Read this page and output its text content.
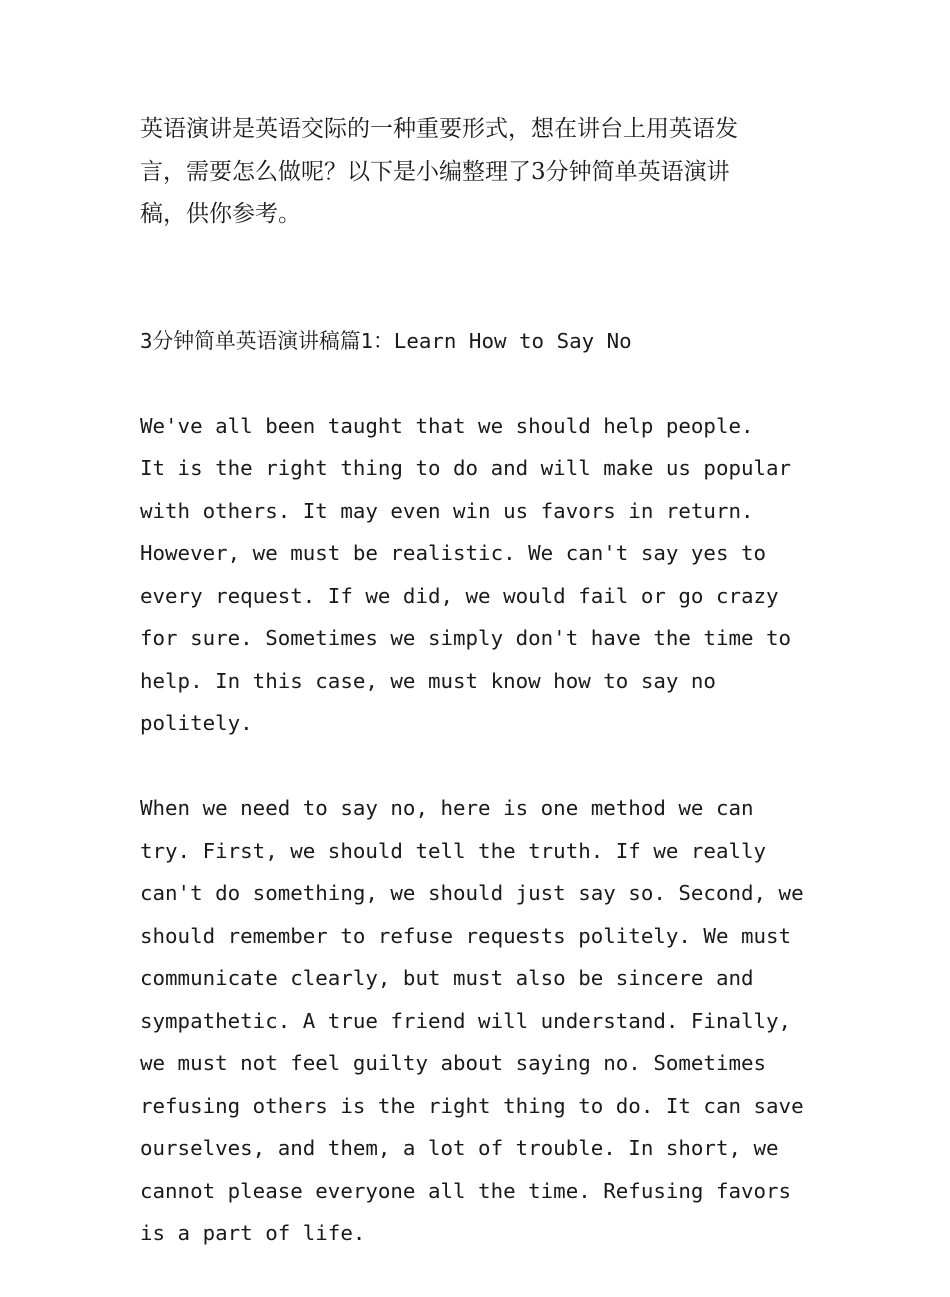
英语演讲是英语交际的一种重要形式，想在讲台上用英语发
言，需要怎么做呢？以下是小编整理了3分钟简单英语演讲
稿，供你参考。

3分钟简单英语演讲稿篇1：Learn How to Say No

We've all been taught that we should help people.
It is the right thing to do and will make us popular
with others. It may even win us favors in return.
However, we must be realistic. We can't say yes to
every request. If we did, we would fail or go crazy
for sure. Sometimes we simply don't have the time to
help. In this case, we must know how to say no
politely.

When we need to say no, here is one method we can
try. First, we should tell the truth. If we really
can't do something, we should just say so. Second, we
should remember to refuse requests politely. We must
communicate clearly, but must also be sincere and
sympathetic. A true friend will understand. Finally,
we must not feel guilty about saying no. Sometimes
refusing others is the right thing to do. It can save
ourselves, and them, a lot of trouble. In short, we
cannot please everyone all the time. Refusing favors
is a part of life.
